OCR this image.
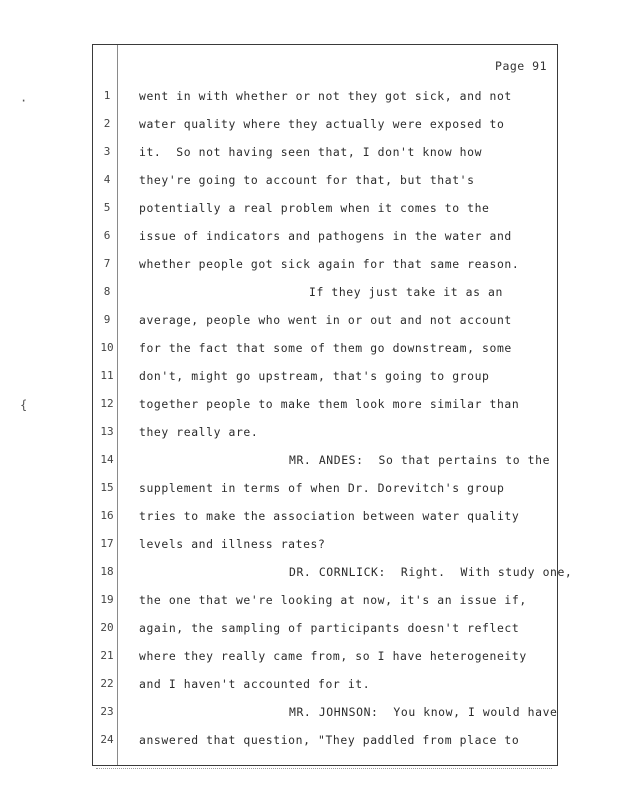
Page 91
1	went in with whether or not they got sick, and not
2	water quality where they actually were exposed to
3	it.  So not having seen that, I don't know how
4	they're going to account for that, but that's
5	potentially a real problem when it comes to the
6	issue of indicators and pathogens in the water and
7	whether people got sick again for that same reason.
8	If they just take it as an
9	average, people who went in or out and not account
10 for the fact that some of them go downstream, some
11 don't, might go upstream, that's going to group
12 together people to make them look more similar than
13 they really are.
14	MR. ANDES:  So that pertains to the
15 supplement in terms of when Dr. Dorevitch's group
16 tries to make the association between water quality
17 levels and illness rates?
18	DR. CORNLICK:  Right.  With study one,
19 the one that we're looking at now, it's an issue if,
20 again, the sampling of participants doesn't reflect
21 where they really came from, so I have heterogeneity
22 and I haven't accounted for it.
23	MR. JOHNSON:  You know, I would have
24 answered that question, "They paddled from place to
·
{
